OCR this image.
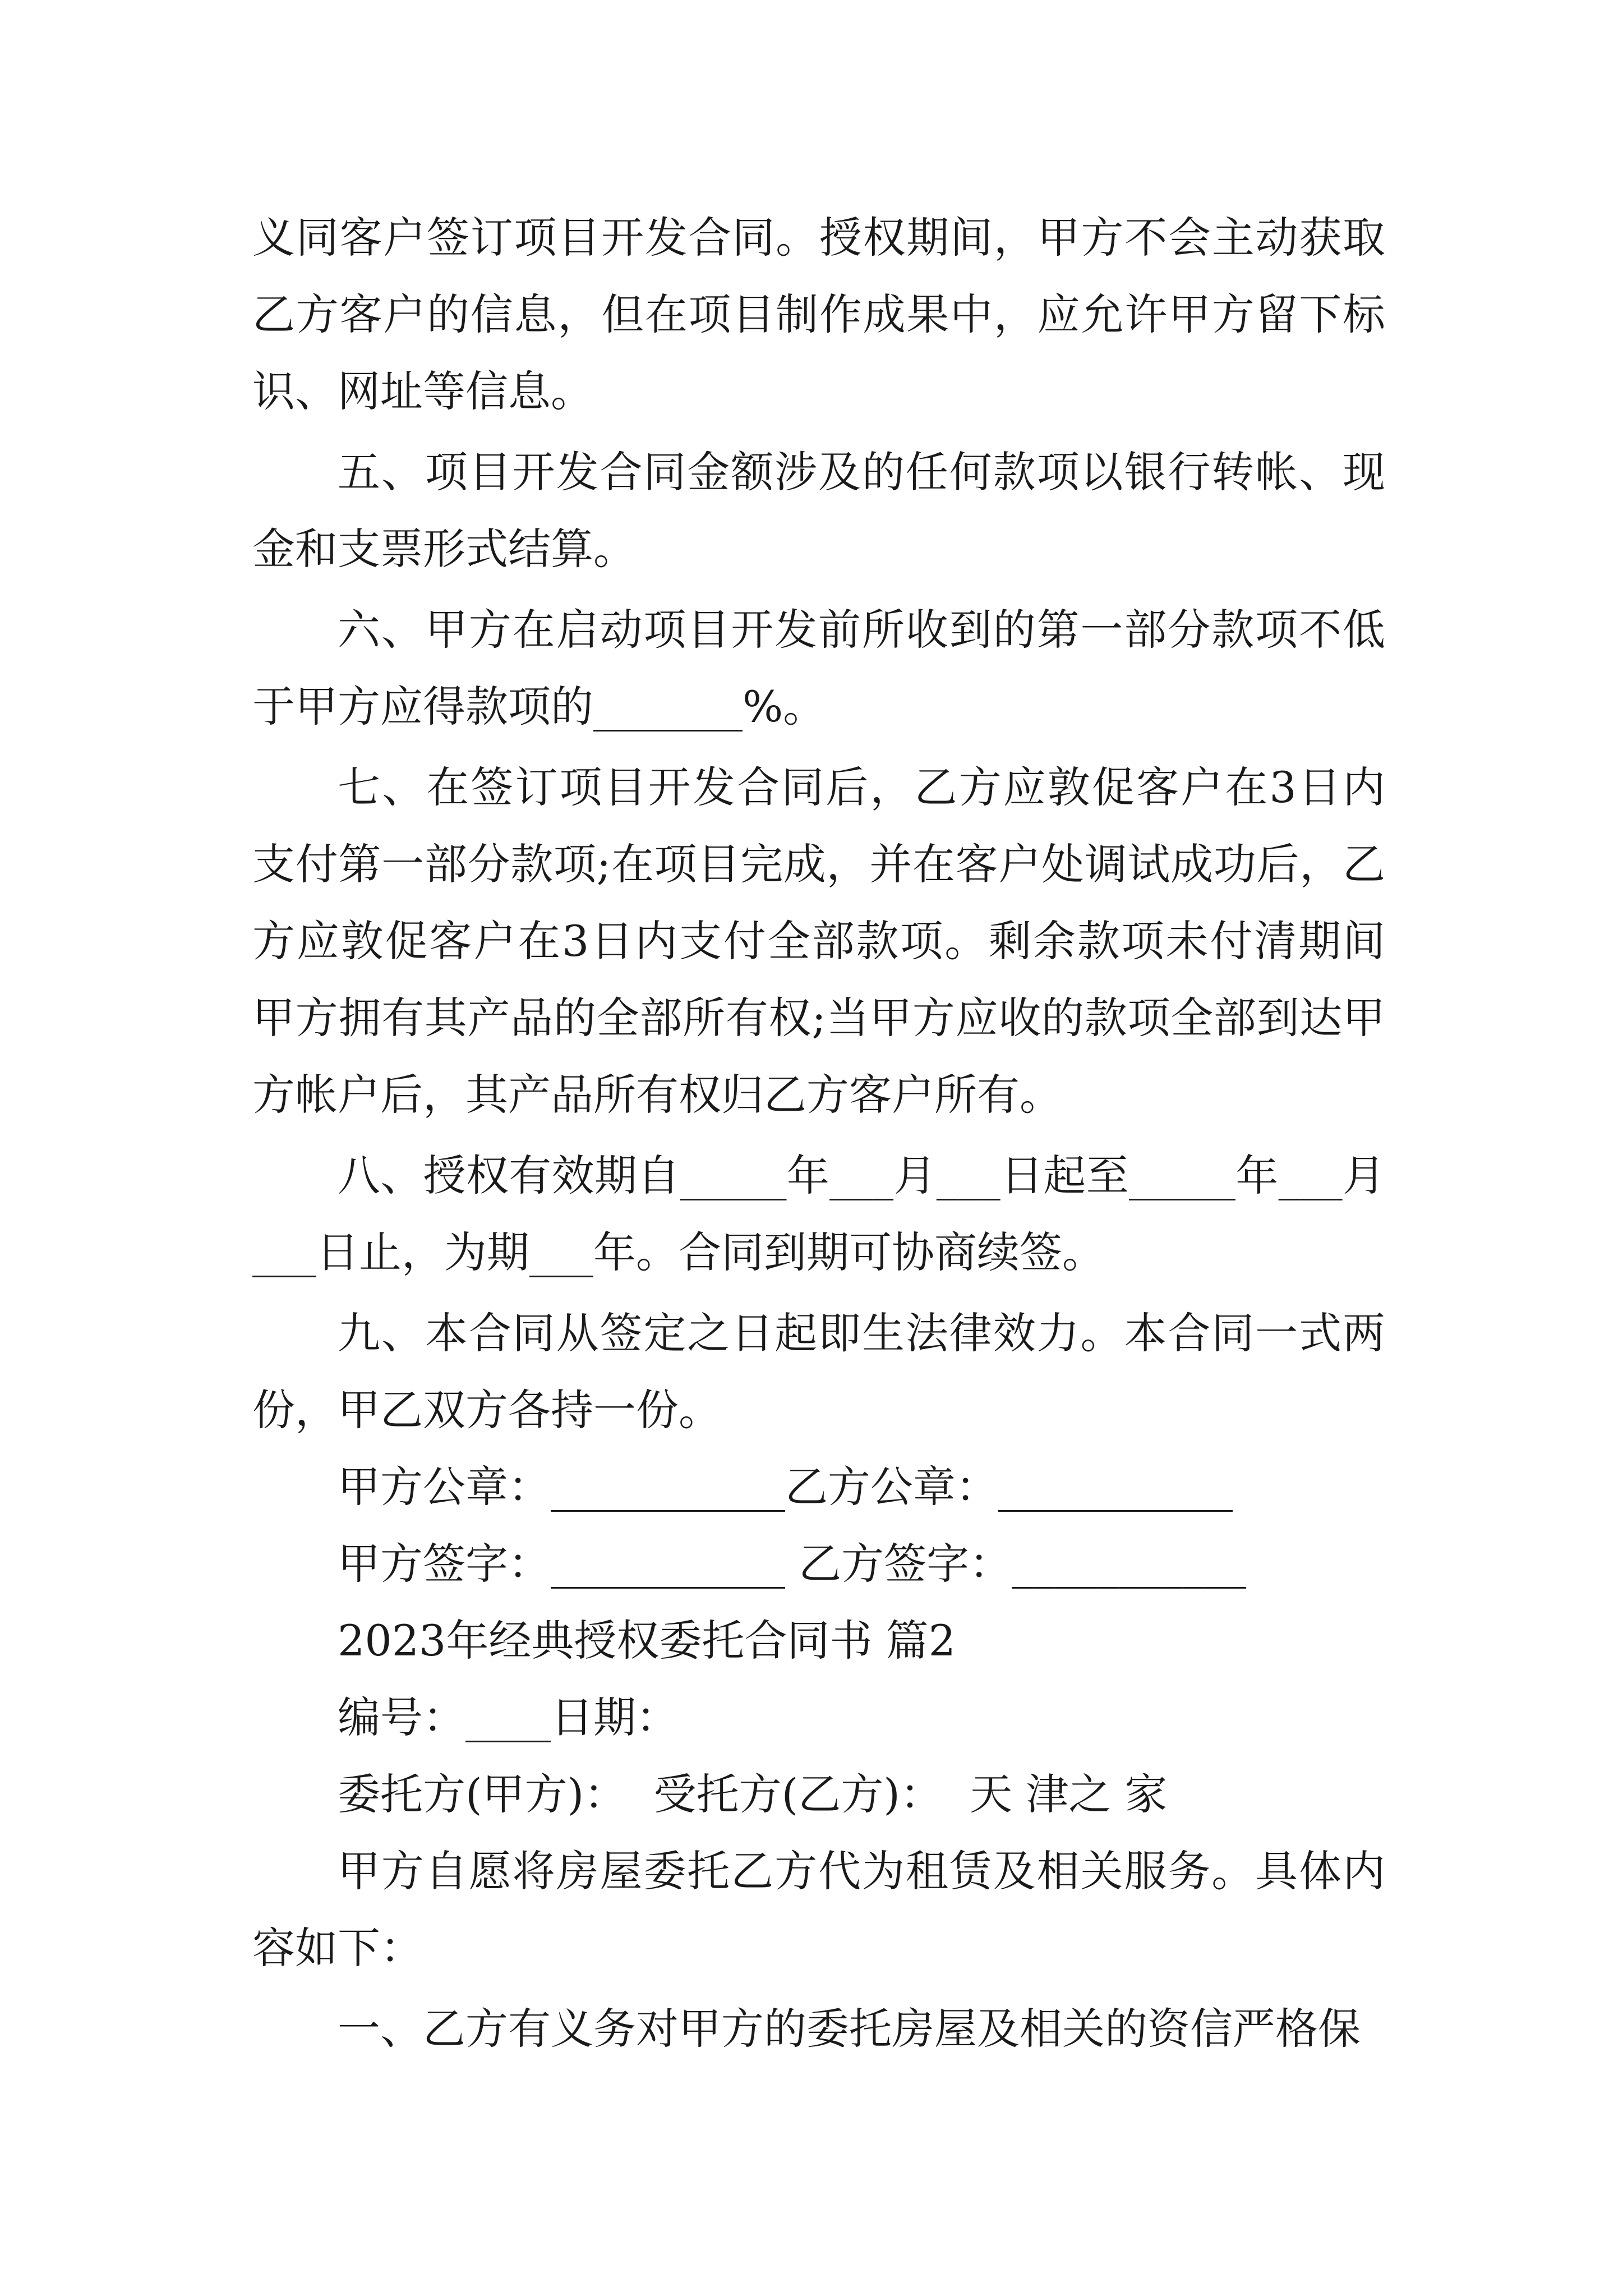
义同客户签订项目开发合同。授权期间，甲方不会主动获取乙方客户的信息，但在项目制作成果中，应允许甲方留下标识、网址等信息。

五、项目开发合同金额涉及的任何款项以银行转帐、现金和支票形式结算。

六、甲方在启动项目开发前所收到的第一部分款项不低于甲方应得款项的_______%。

七、在签订项目开发合同后，乙方应敦促客户在3日内支付第一部分款项;在项目完成，并在客户处调试成功后，乙方应敦促客户在3日内支付全部款项。剩余款项未付清期间甲方拥有其产品的全部所有权;当甲方应收的款项全部到达甲方帐户后，其产品所有权归乙方客户所有。

八、授权有效期自_____年___月___日起至_____年___月___日止，为期___年。合同到期可协商续签。

九、本合同从签定之日起即生法律效力。本合同一式两份，甲乙双方各持一份。

甲方公章：___________乙方公章：___________

甲方签字：___________ 乙方签字：___________

2023年经典授权委托合同书 篇2

编号：____日期：

委托方(甲方)：  受托方(乙方)：  天 津之 家

甲方自愿将房屋委托乙方代为租赁及相关服务。具体内容如下：

一、乙方有义务对甲方的委托房屋及相关的资信严格保
